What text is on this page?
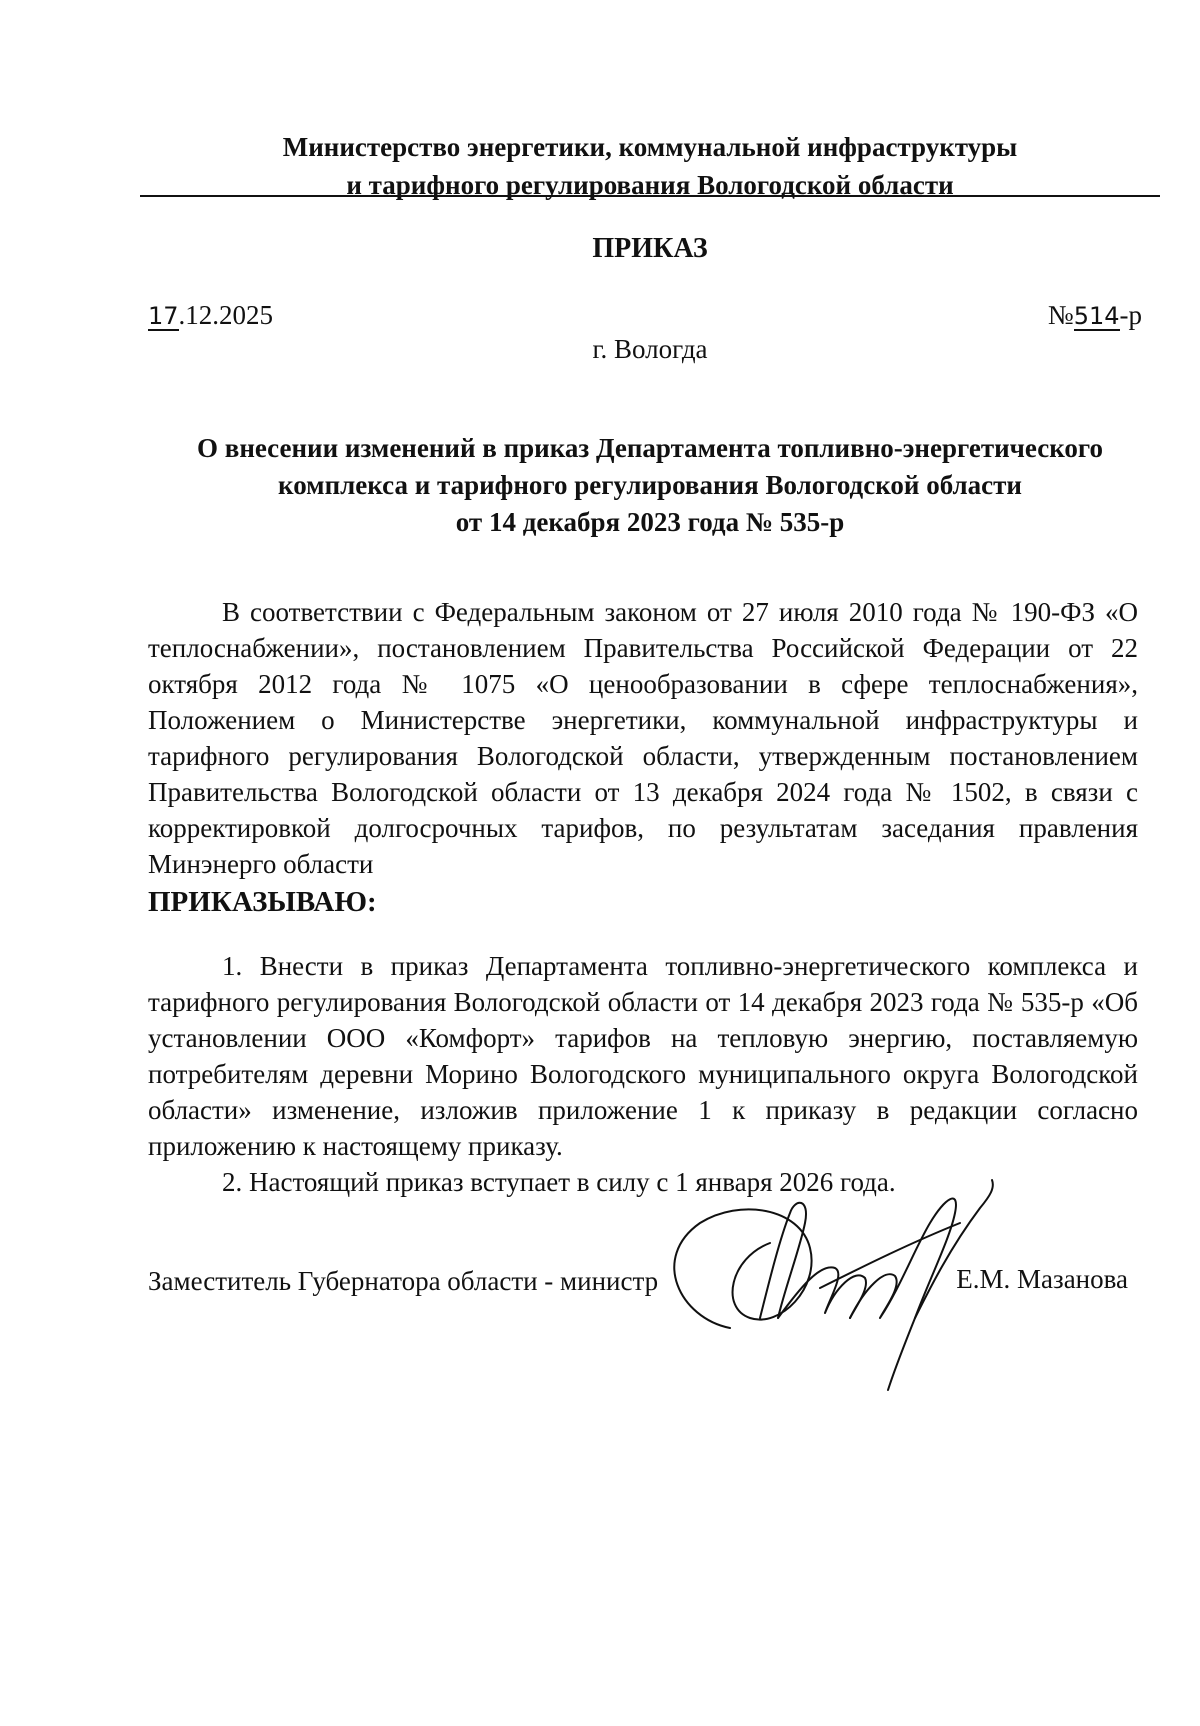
Министерство энергетики, коммунальной инфраструктуры
и тарифного регулирования Вологодской области
ПРИКАЗ
17.12.2025	№514-р
г. Вологда
О внесении изменений в приказ Департамента топливно-энергетического
комплекса и тарифного регулирования Вологодской области
от 14 декабря 2023 года № 535-р

В соответствии с Федеральным законом от 27 июля 2010 года № 190-ФЗ «О теплоснабжении», постановлением Правительства Российской Федерации от 22 октября 2012 года № 1075 «О ценообразовании в сфере теплоснабжения», Положением о Министерстве энергетики, коммунальной инфраструктуры и тарифного регулирования Вологодской области, утвержденным постановлением Правительства Вологодской области от 13 декабря 2024 года № 1502, в связи с корректировкой долгосрочных тарифов, по результатам заседания правления Минэнерго области

ПРИКАЗЫВАЮ:

1. Внести в приказ Департамента топливно-энергетического комплекса и тарифного регулирования Вологодской области от 14 декабря 2023 года № 535-р «Об установлении ООО «Комфорт» тарифов на тепловую энергию, поставляемую потребителям деревни Морино Вологодского муниципального округа Вологодской области» изменение, изложив приложение 1 к приказу в редакции согласно приложению к настоящему приказу.

2. Настоящий приказ вступает в силу с 1 января 2026 года.

Заместитель Губернатора области - министр	Е.М. Мазанова
